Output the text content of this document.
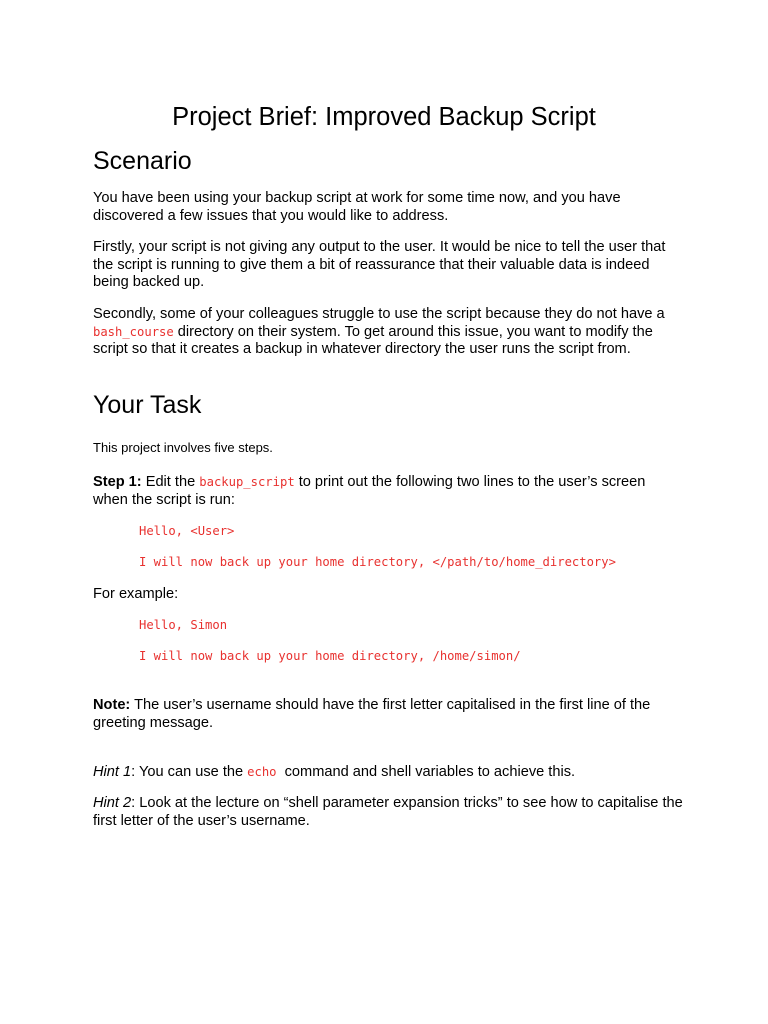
Project Brief: Improved Backup Script
Scenario

You have been using your backup script at work for some time now, and you have discovered a few issues that you would like to address.

Firstly, your script is not giving any output to the user. It would be nice to tell the user that the script is running to give them a bit of reassurance that their valuable data is indeed being backed up.

Secondly, some of your colleagues struggle to use the script because they do not have a bash_course directory on their system. To get around this issue, you want to modify the script so that it creates a backup in whatever directory the user runs the script from.

Your Task

This project involves five steps.

Step 1: Edit the backup_script to print out the following two lines to the user’s screen when the script is run:

Hello, <User>
I will now back up your home directory, </path/to/home_directory>

For example:

Hello, Simon
I will now back up your home directory, /home/simon/

Note: The user’s username should have the first letter capitalised in the first line of the greeting message.

Hint 1: You can use the echo  command and shell variables to achieve this.

Hint 2: Look at the lecture on “shell parameter expansion tricks” to see how to capitalise the first letter of the user’s username.
